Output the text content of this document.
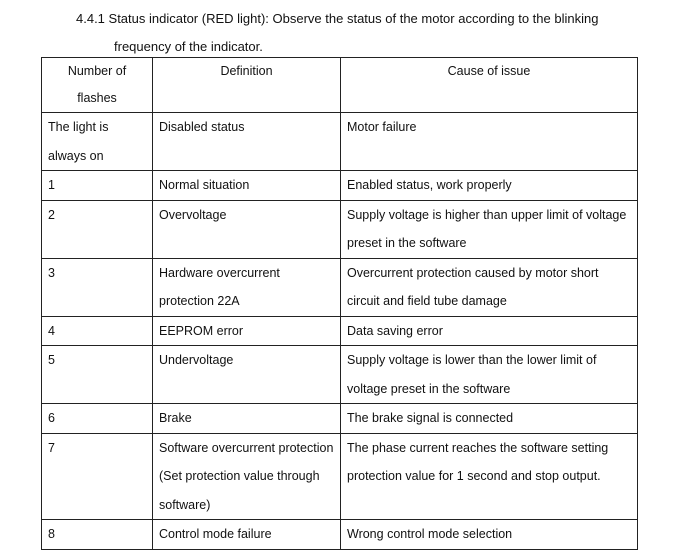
4.4.1 Status indicator (RED light): Observe the status of the motor according to the blinking
frequency of the indicator.
Number of flashes	Definition	Cause of issue
The light is always on	Disabled status	Motor failure
1	Normal situation	Enabled status, work properly
2	Overvoltage	Supply voltage is higher than upper limit of voltage preset in the software
3	Hardware overcurrent protection 22A	Overcurrent protection caused by motor short circuit and field tube damage
4	EEPROM error	Data saving error
5	Undervoltage	Supply voltage is lower than the lower limit of voltage preset in the software
6	Brake	The brake signal is connected
7	Software overcurrent protection (Set protection value through software)	The phase current reaches the software setting protection value for 1 second and stop output.
8	Control mode failure	Wrong control mode selection
